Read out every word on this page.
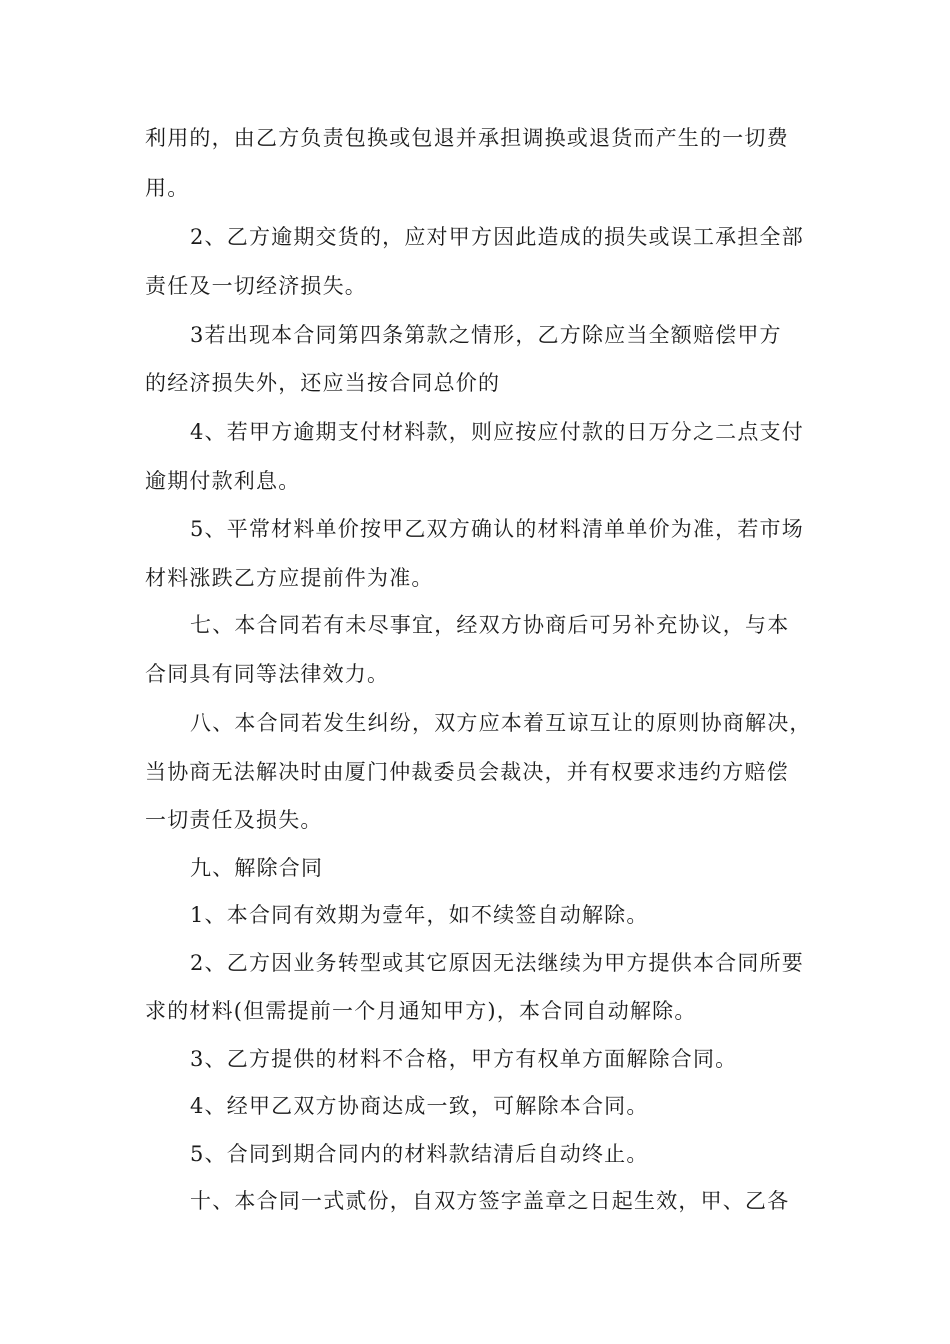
利用的，由乙方负责包换或包退并承担调换或退货而产生的一切费
用。
2、乙方逾期交货的，应对甲方因此造成的损失或误工承担全部
责任及一切经济损失。
3若出现本合同第四条第款之情形，乙方除应当全额赔偿甲方
的经济损失外，还应当按合同总价的
4、若甲方逾期支付材料款，则应按应付款的日万分之二点支付
逾期付款利息。
5、平常材料单价按甲乙双方确认的材料清单单价为准，若市场
材料涨跌乙方应提前件为准。
七、本合同若有未尽事宜，经双方协商后可另补充协议，与本
合同具有同等法律效力。
八、本合同若发生纠纷，双方应本着互谅互让的原则协商解决，
当协商无法解决时由厦门仲裁委员会裁决，并有权要求违约方赔偿
一切责任及损失。
九、解除合同
1、本合同有效期为壹年，如不续签自动解除。
2、乙方因业务转型或其它原因无法继续为甲方提供本合同所要
求的材料(但需提前一个月通知甲方)，本合同自动解除。
3、乙方提供的材料不合格，甲方有权单方面解除合同。
4、经甲乙双方协商达成一致，可解除本合同。
5、合同到期合同内的材料款结清后自动终止。
十、本合同一式贰份，自双方签字盖章之日起生效，甲、乙各
